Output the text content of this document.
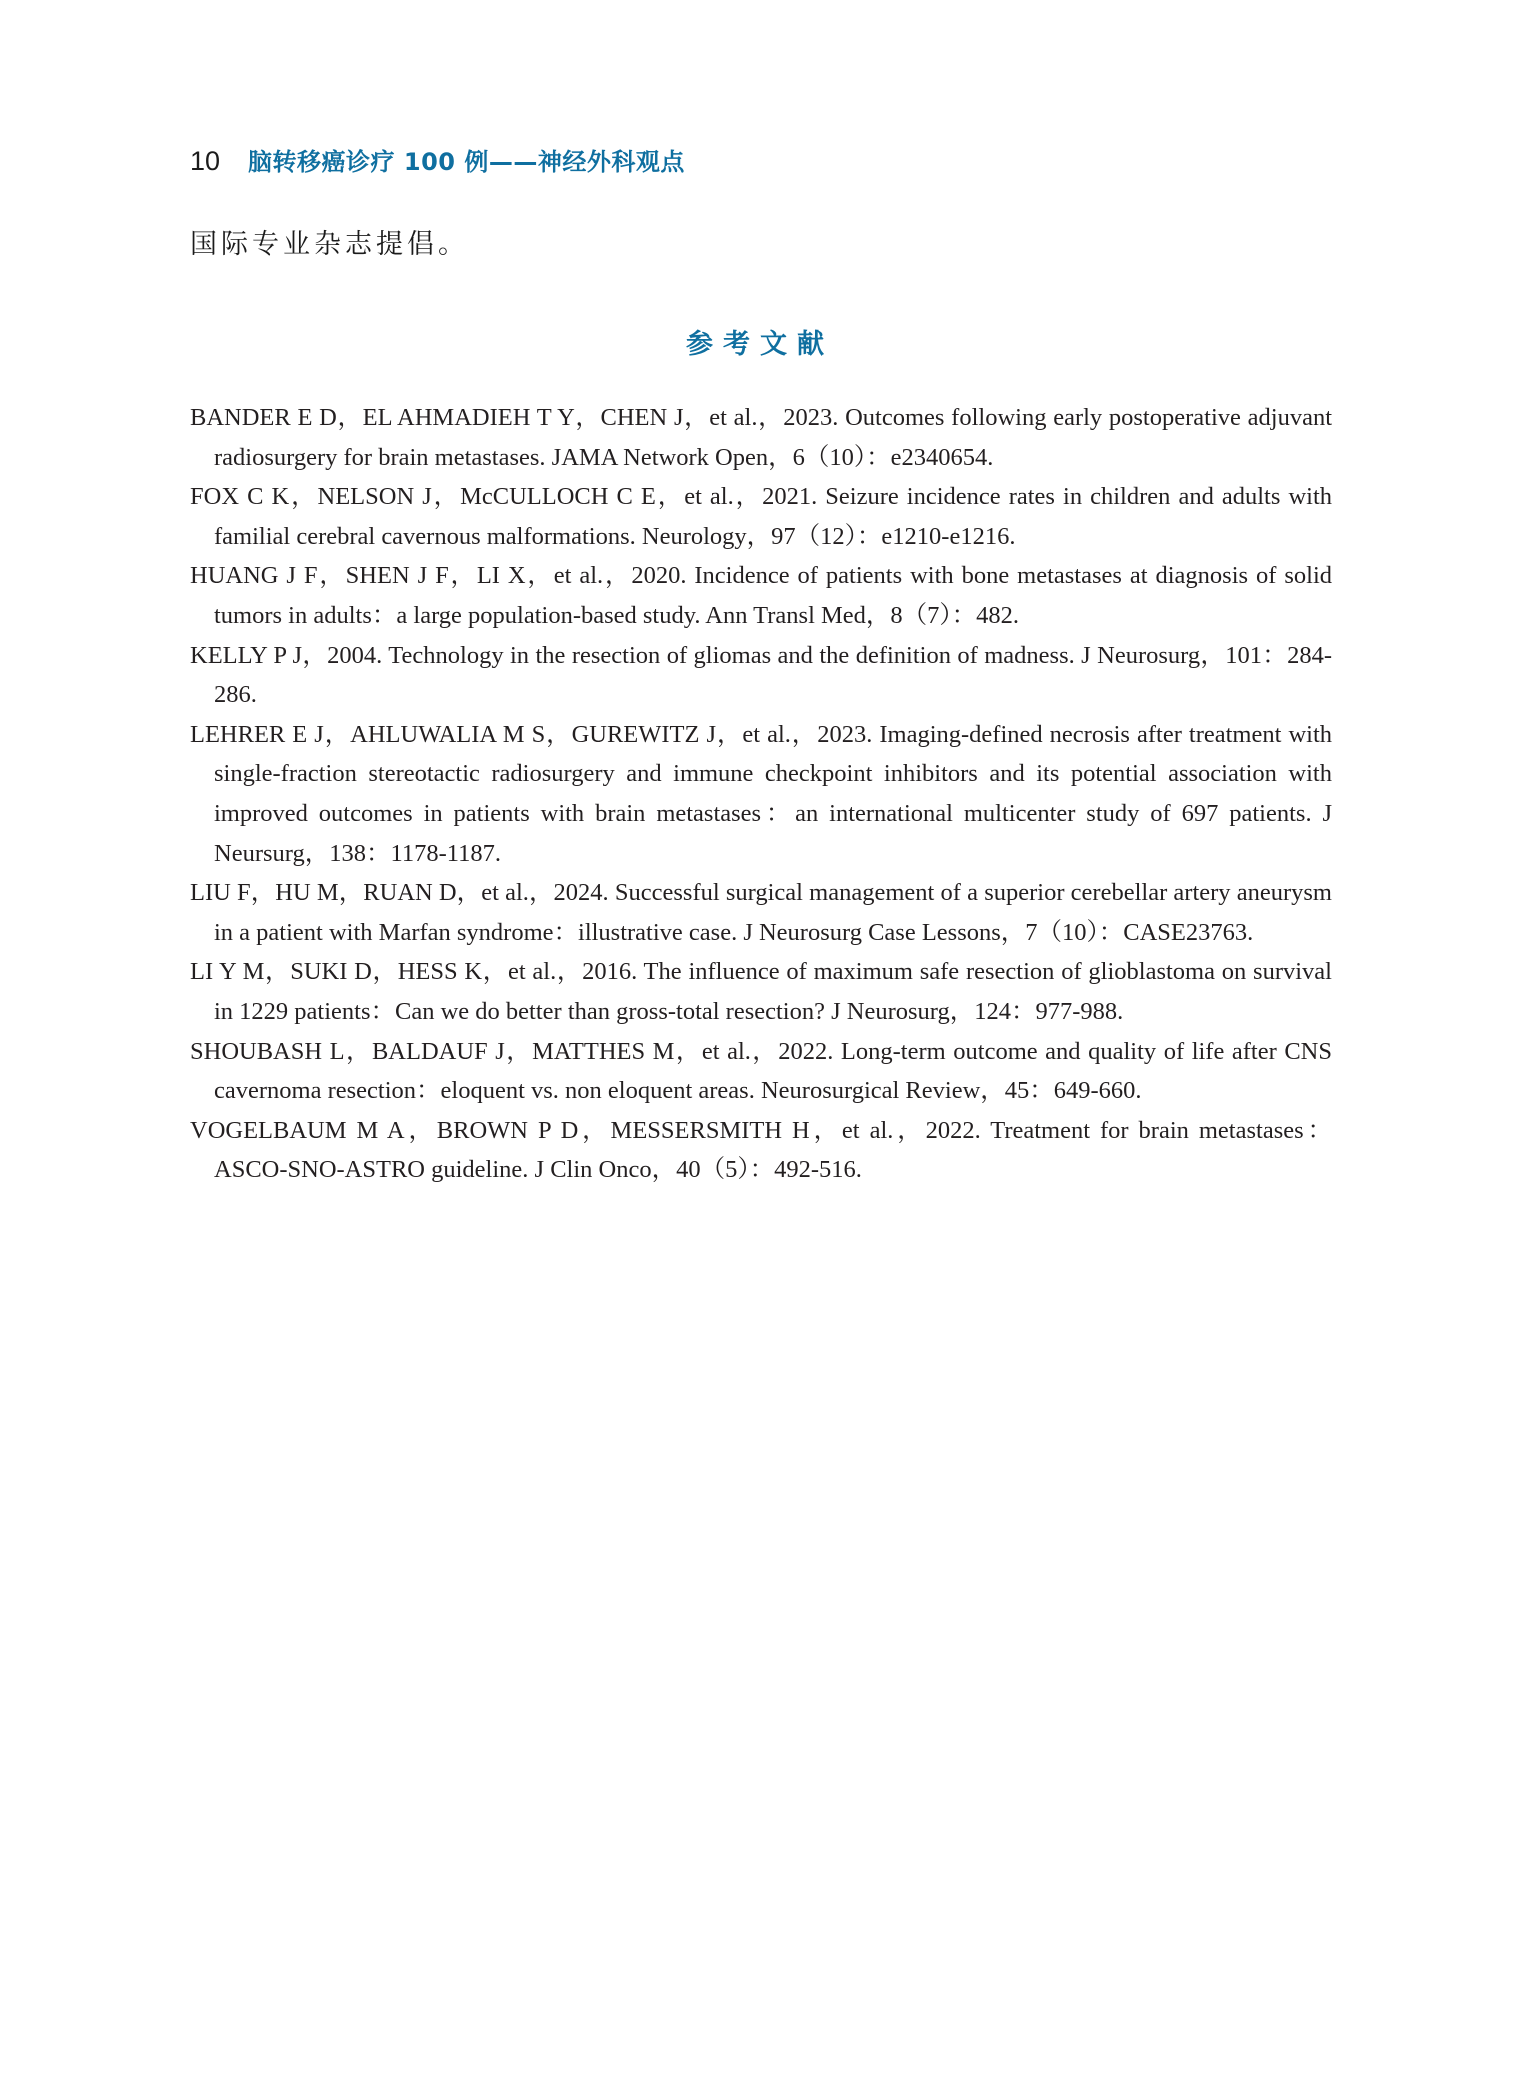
10 脑转移癌诊疗 100 例——神经外科观点
国际专业杂志提倡。
参考文献
BANDER E D，EL AHMADIEH T Y，CHEN J，et al.，2023. Outcomes following early postoperative adjuvant radiosurgery for brain metastases. JAMA Network Open，6（10）：e2340654.
FOX C K，NELSON J，McCULLOCH C E，et al.，2021. Seizure incidence rates in children and adults with familial cerebral cavernous malformations. Neurology，97（12）：e1210-e1216.
HUANG J F，SHEN J F，LI X，et al.，2020. Incidence of patients with bone metastases at diagnosis of solid tumors in adults：a large population-based study. Ann Transl Med，8（7）：482.
KELLY P J，2004. Technology in the resection of gliomas and the definition of madness. J Neurosurg，101：284-286.
LEHRER E J，AHLUWALIA M S，GUREWITZ J，et al.，2023. Imaging-defined necrosis after treatment with single-fraction stereotactic radiosurgery and immune checkpoint inhibitors and its potential association with improved outcomes in patients with brain metastases：an international multicenter study of 697 patients. J Neursurg，138：1178-1187.
LIU F，HU M，RUAN D，et al.，2024. Successful surgical management of a superior cerebellar artery aneurysm in a patient with Marfan syndrome：illustrative case. J Neurosurg Case Lessons，7（10）：CASE23763.
LI Y M，SUKI D，HESS K，et al.，2016. The influence of maximum safe resection of glioblastoma on survival in 1229 patients：Can we do better than gross-total resection? J Neurosurg，124：977-988.
SHOUBASH L，BALDAUF J，MATTHES M，et al.，2022. Long-term outcome and quality of life after CNS cavernoma resection：eloquent vs. non eloquent areas. Neurosurgical Review，45：649-660.
VOGELBAUM M A，BROWN P D，MESSERSMITH H，et al.，2022. Treatment for brain metastases：ASCO-SNO-ASTRO guideline. J Clin Onco，40（5）：492-516.
